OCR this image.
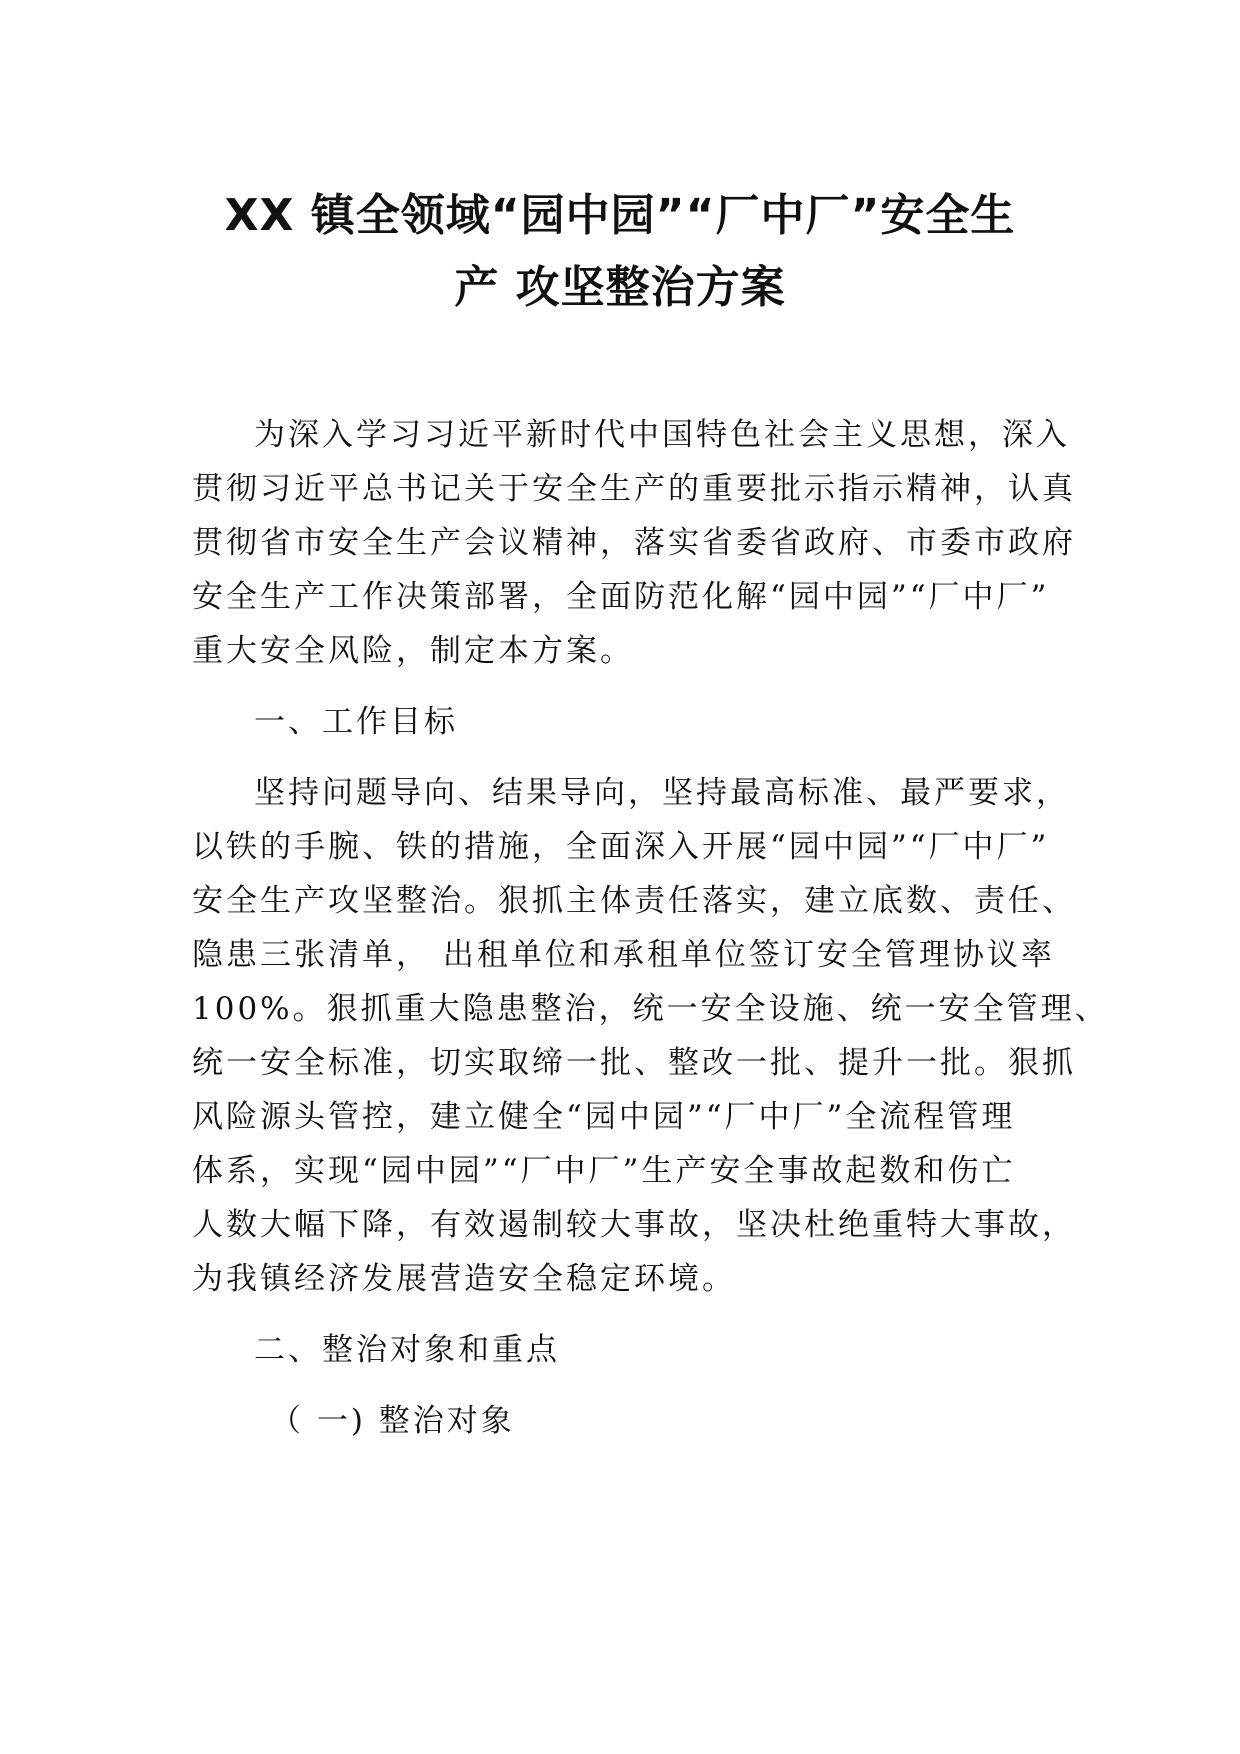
XX 镇全领域“园中园”“厂中厂”安全生
产 攻坚整治方案

为深入学习习近平新时代中国特色社会主义思想，深入
贯彻习近平总书记关于安全生产的重要批示指示精神，认真
贯彻省市安全生产会议精神，落实省委省政府、市委市政府
安全生产工作决策部署，全面防范化解“园中园”“厂中厂”
重大安全风险，制定本方案。

一、工作目标

坚持问题导向、结果导向，坚持最高标准、最严要求，
以铁的手腕、铁的措施，全面深入开展“园中园”“厂中厂”
安全生产攻坚整治。狠抓主体责任落实，建立底数、责任、
隐患三张清单， 出租单位和承租单位签订安全管理协议率
100%。狠抓重大隐患整治，统一安全设施、统一安全管理、
统一安全标准，切实取缔一批、整改一批、提升一批。狠抓
风险源头管控，建立健全“园中园”“厂中厂”全流程管理
体系，实现“园中园”“厂中厂”生产安全事故起数和伤亡
人数大幅下降，有效遏制较大事故，坚决杜绝重特大事故，
为我镇经济发展营造安全稳定环境。

二、整治对象和重点

（ 一) 整治对象
